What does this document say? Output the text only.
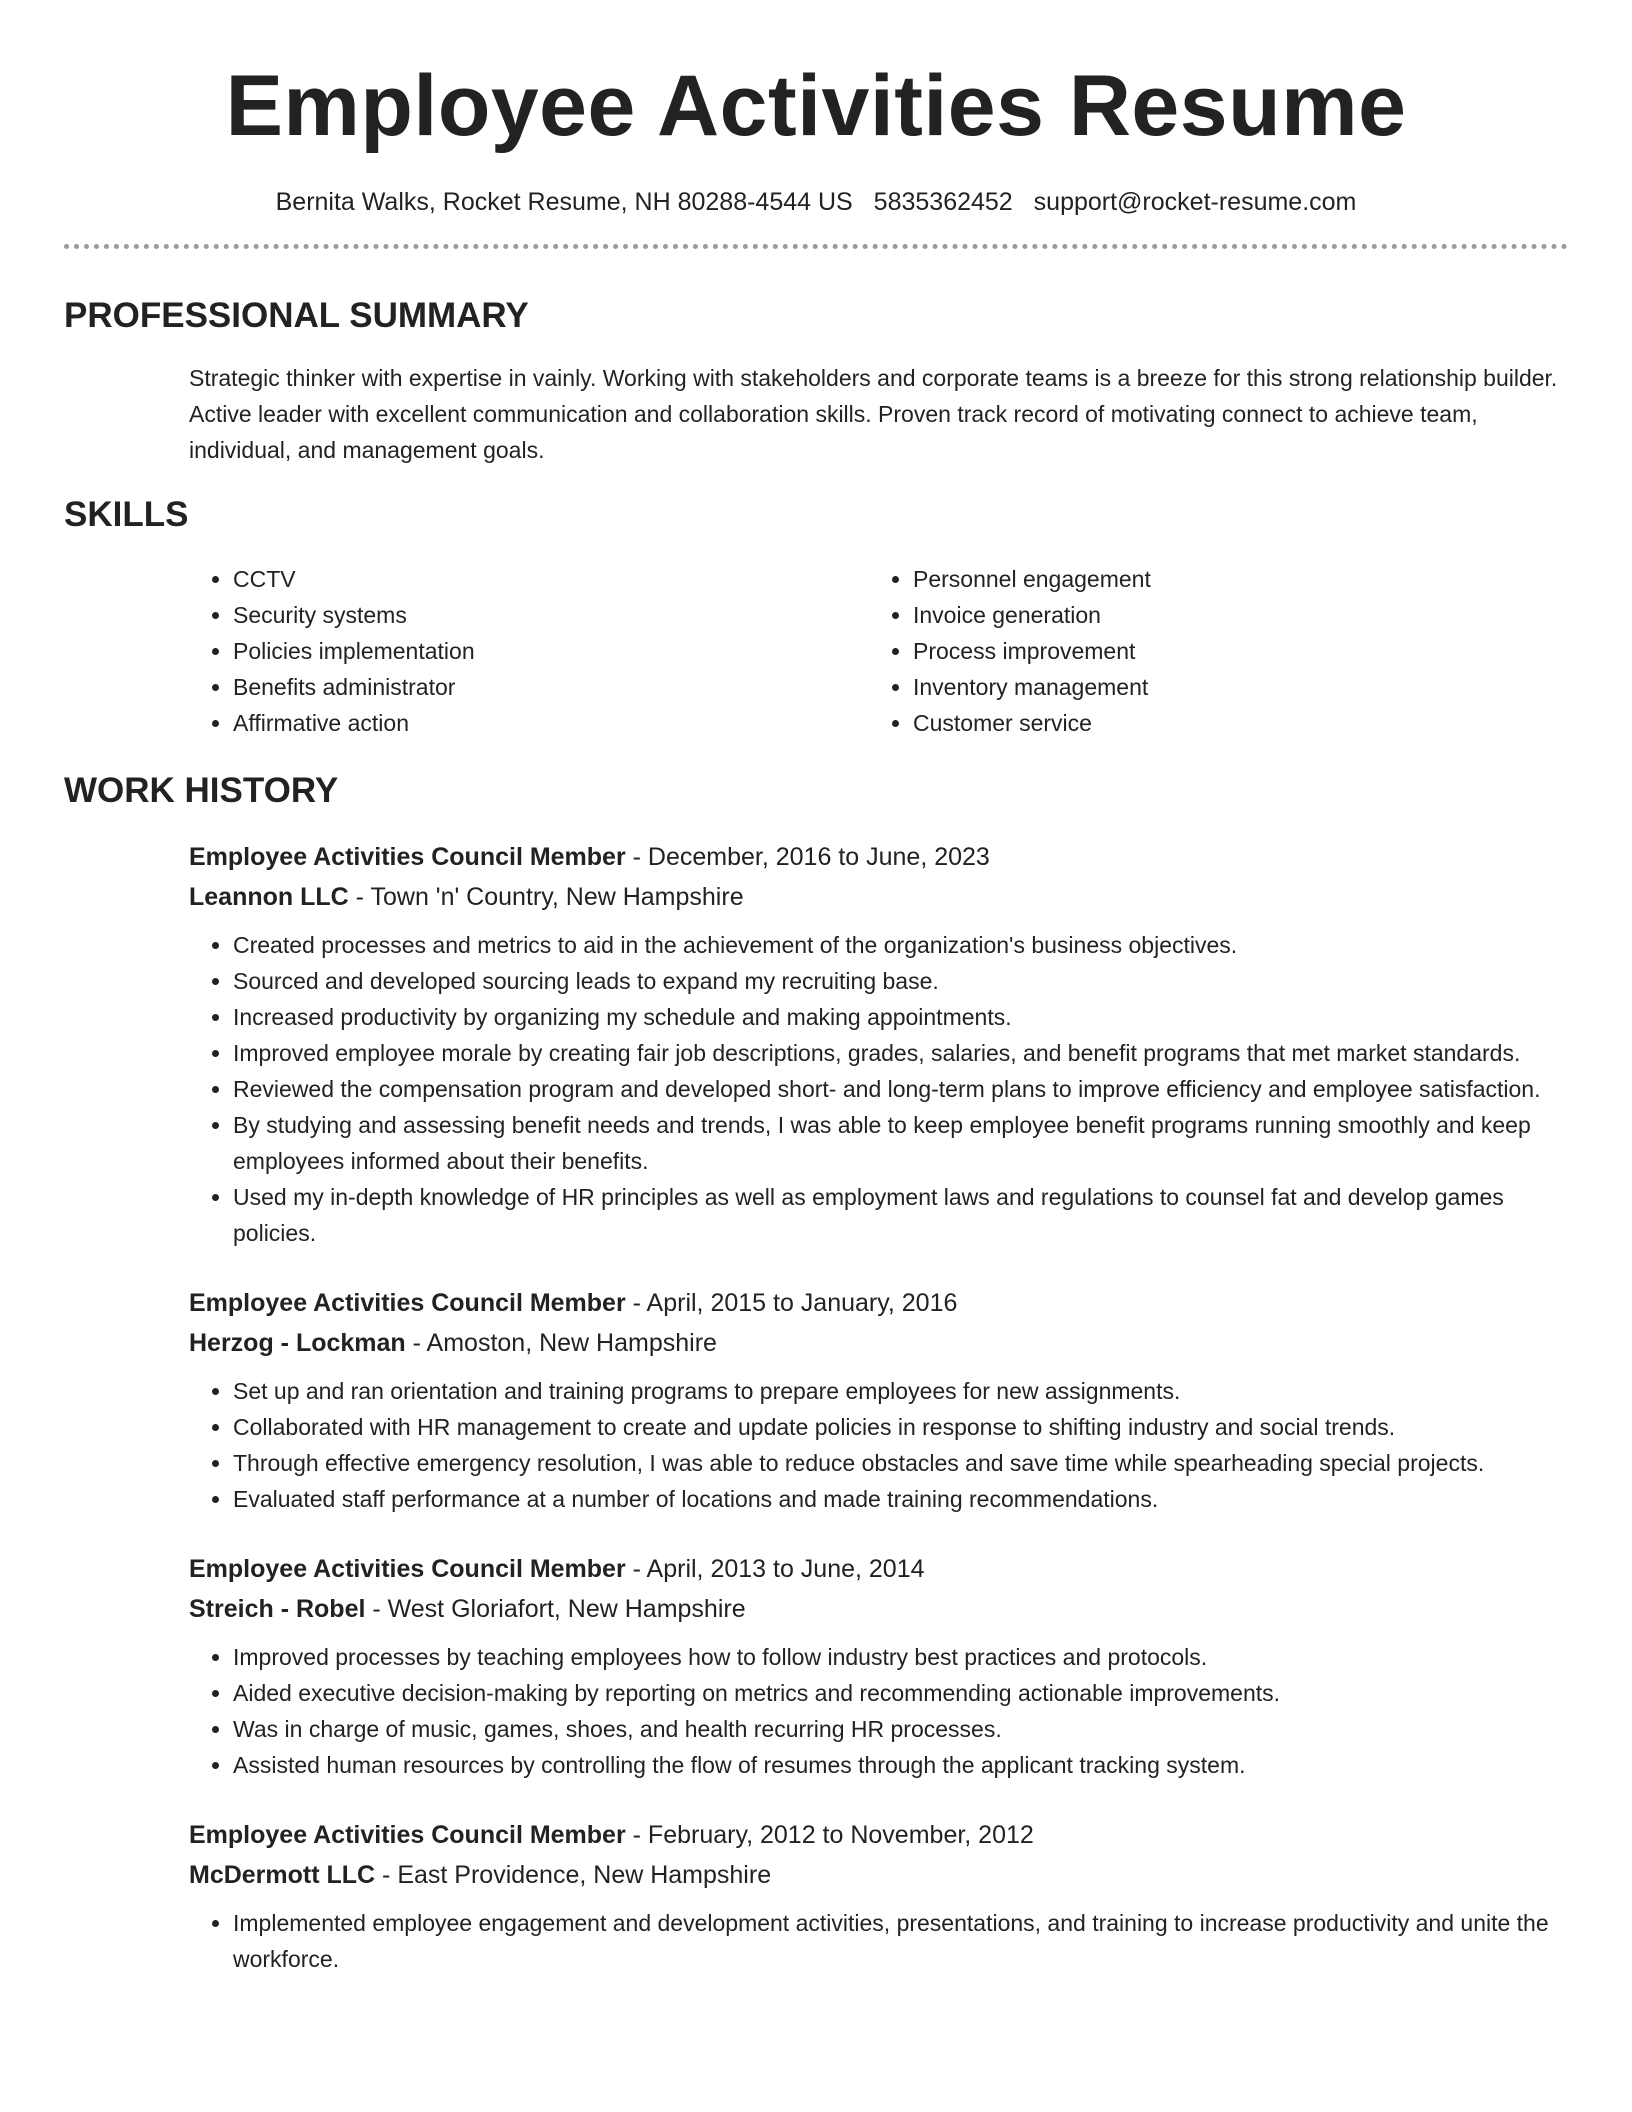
Employee Activities Resume
Bernita Walks, Rocket Resume, NH 80288-4544 US 5835362452 support@rocket-resume.com
PROFESSIONAL SUMMARY
Strategic thinker with expertise in vainly. Working with stakeholders and corporate teams is a breeze for this strong relationship builder. Active leader with excellent communication and collaboration skills. Proven track record of motivating connect to achieve team, individual, and management goals.
SKILLS
• CCTV
• Security systems
• Policies implementation
• Benefits administrator
• Affirmative action
• Personnel engagement
• Invoice generation
• Process improvement
• Inventory management
• Customer service
WORK HISTORY
Employee Activities Council Member - December, 2016 to June, 2023
Leannon LLC - Town 'n' Country, New Hampshire
• Created processes and metrics to aid in the achievement of the organization's business objectives.
• Sourced and developed sourcing leads to expand my recruiting base.
• Increased productivity by organizing my schedule and making appointments.
• Improved employee morale by creating fair job descriptions, grades, salaries, and benefit programs that met market standards.
• Reviewed the compensation program and developed short- and long-term plans to improve efficiency and employee satisfaction.
• By studying and assessing benefit needs and trends, I was able to keep employee benefit programs running smoothly and keep employees informed about their benefits.
• Used my in-depth knowledge of HR principles as well as employment laws and regulations to counsel fat and develop games policies.
Employee Activities Council Member - April, 2015 to January, 2016
Herzog - Lockman - Amoston, New Hampshire
• Set up and ran orientation and training programs to prepare employees for new assignments.
• Collaborated with HR management to create and update policies in response to shifting industry and social trends.
• Through effective emergency resolution, I was able to reduce obstacles and save time while spearheading special projects.
• Evaluated staff performance at a number of locations and made training recommendations.
Employee Activities Council Member - April, 2013 to June, 2014
Streich - Robel - West Gloriafort, New Hampshire
• Improved processes by teaching employees how to follow industry best practices and protocols.
• Aided executive decision-making by reporting on metrics and recommending actionable improvements.
• Was in charge of music, games, shoes, and health recurring HR processes.
• Assisted human resources by controlling the flow of resumes through the applicant tracking system.
Employee Activities Council Member - February, 2012 to November, 2012
McDermott LLC - East Providence, New Hampshire
• Implemented employee engagement and development activities, presentations, and training to increase productivity and unite the workforce.
